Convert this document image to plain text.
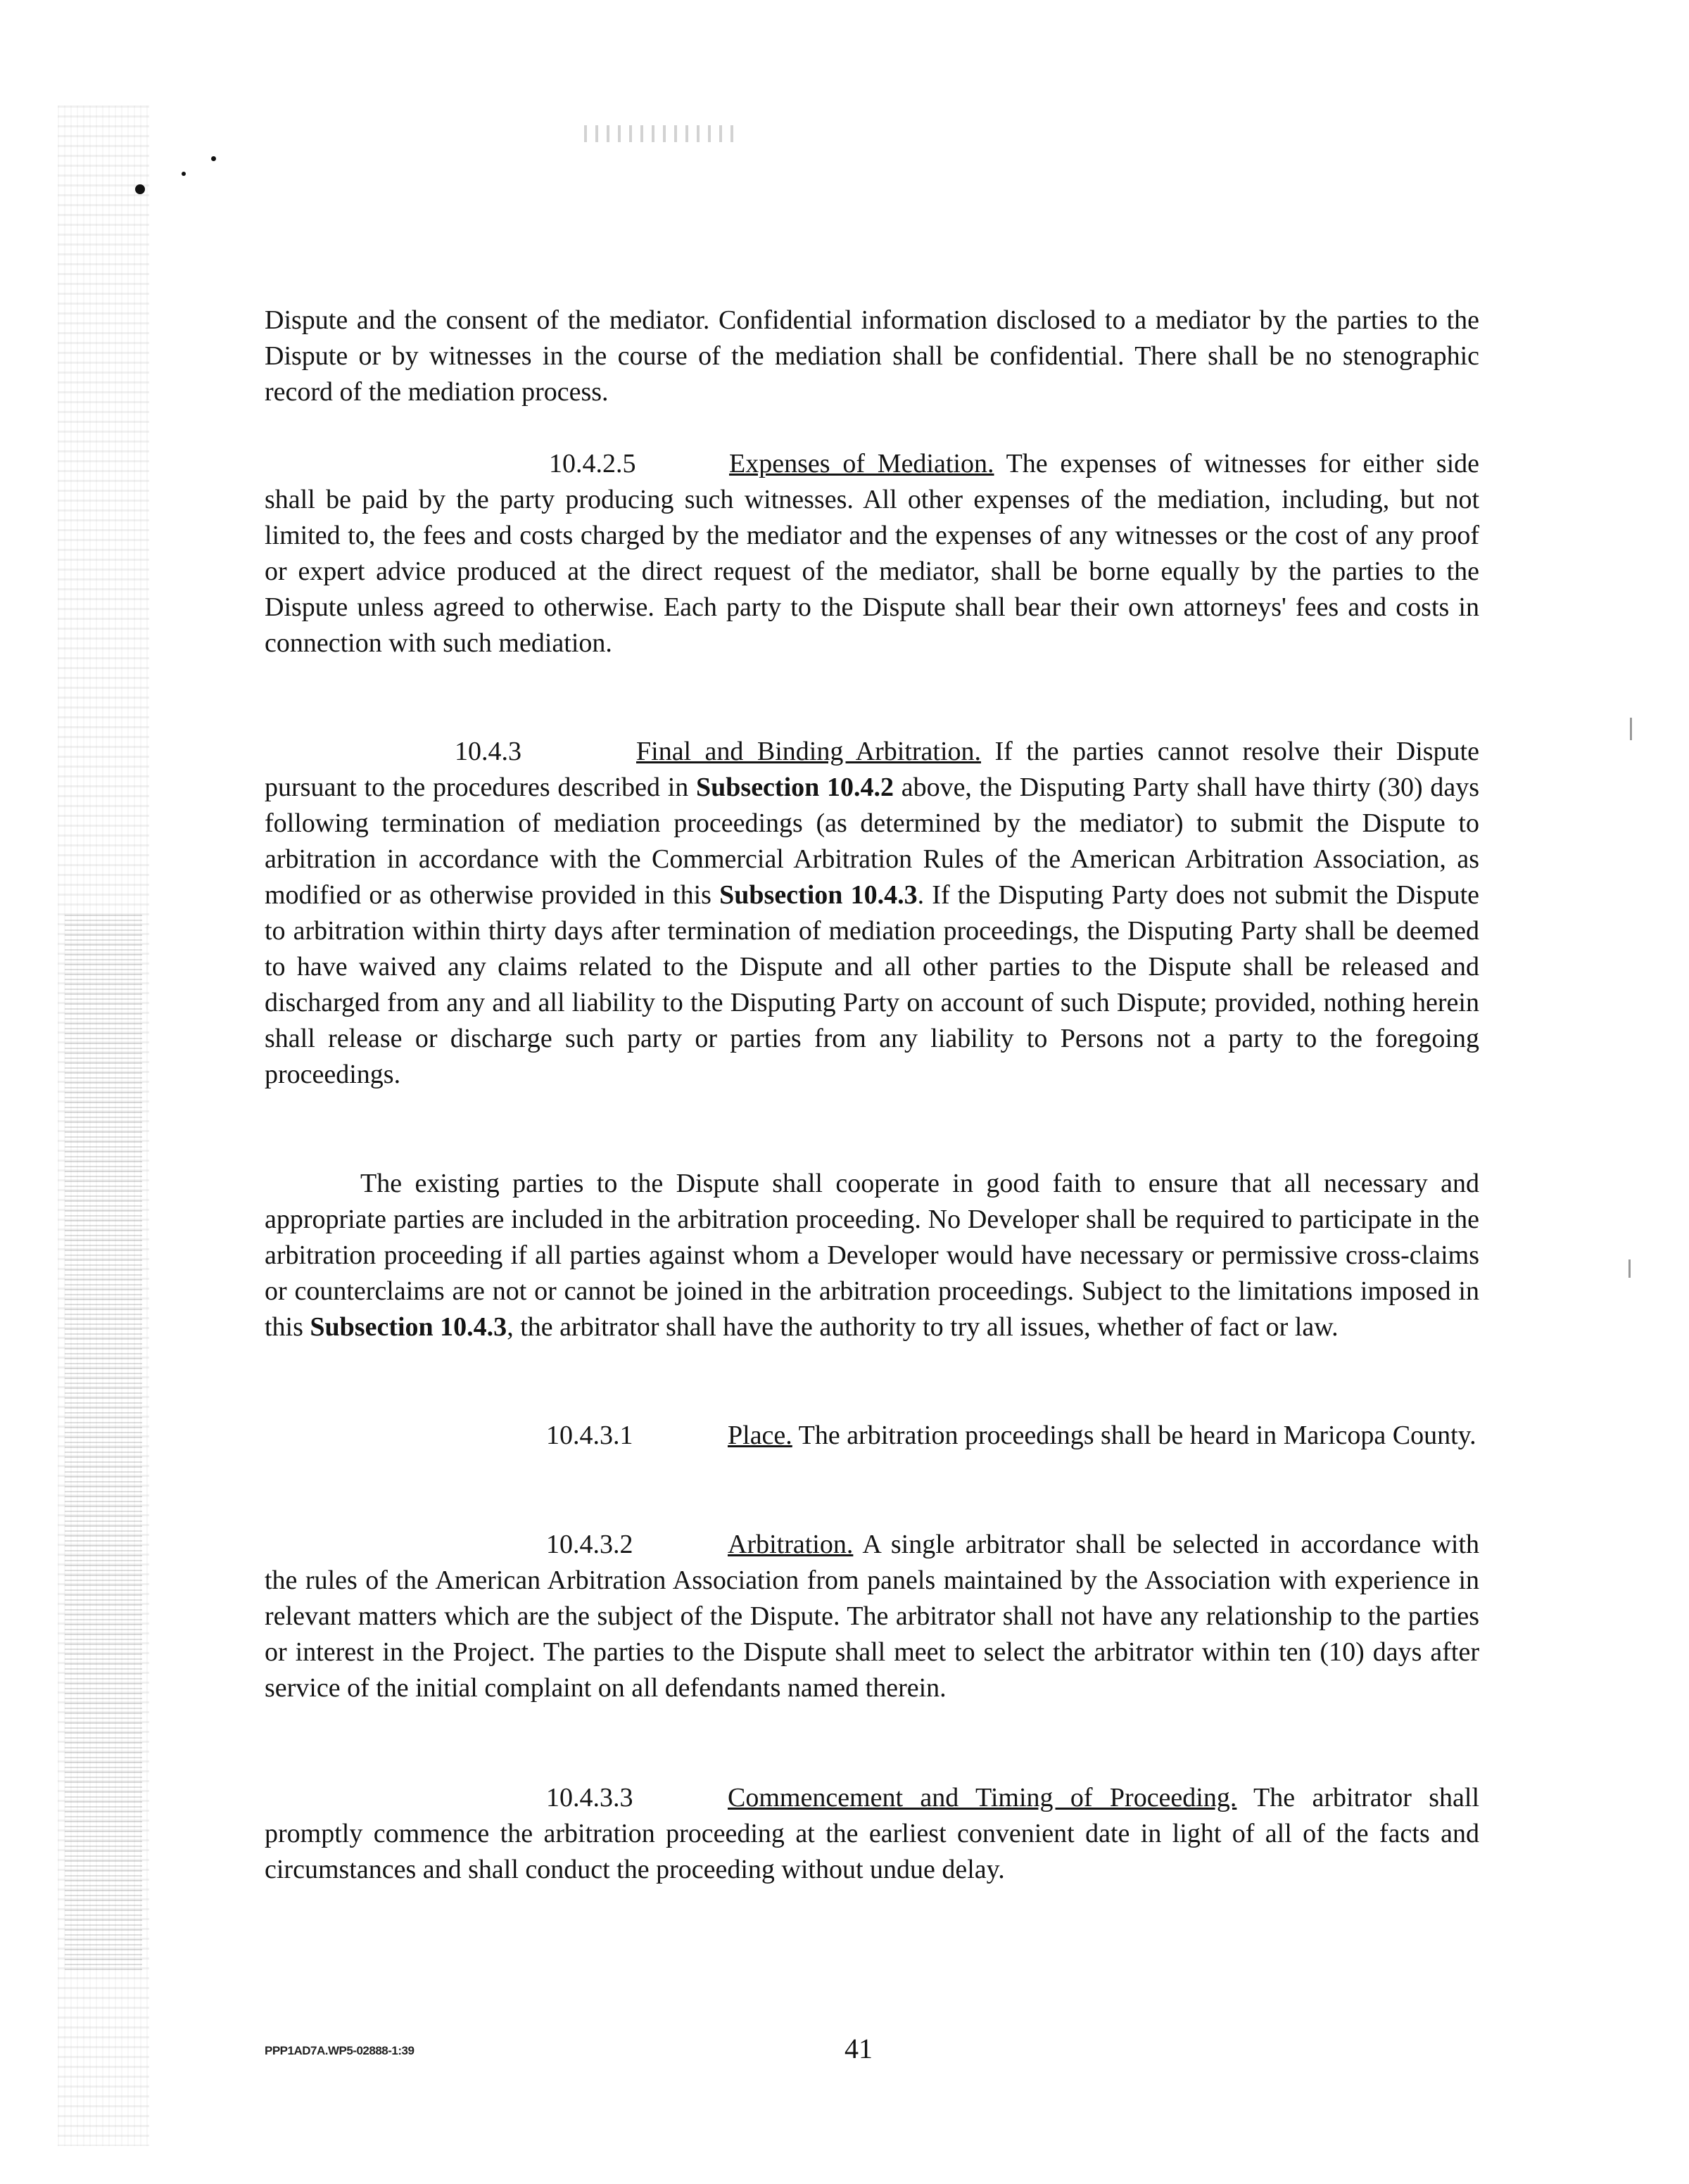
Dispute and the consent of the mediator. Confidential information disclosed to a mediator by the parties to the Dispute or by witnesses in the course of the mediation shall be confidential. There shall be no stenographic record of the mediation process.

10.4.2.5	Expenses of Mediation. The expenses of witnesses for either side shall be paid by the party producing such witnesses. All other expenses of the mediation, including, but not limited to, the fees and costs charged by the mediator and the expenses of any witnesses or the cost of any proof or expert advice produced at the direct request of the mediator, shall be borne equally by the parties to the Dispute unless agreed to otherwise. Each party to the Dispute shall bear their own attorneys' fees and costs in connection with such mediation.

10.4.3	Final and Binding Arbitration. If the parties cannot resolve their Dispute pursuant to the procedures described in Subsection 10.4.2 above, the Disputing Party shall have thirty (30) days following termination of mediation proceedings (as determined by the mediator) to submit the Dispute to arbitration in accordance with the Commercial Arbitration Rules of the American Arbitration Association, as modified or as otherwise provided in this Subsection 10.4.3. If the Disputing Party does not submit the Dispute to arbitration within thirty days after termination of mediation proceedings, the Disputing Party shall be deemed to have waived any claims related to the Dispute and all other parties to the Dispute shall be released and discharged from any and all liability to the Disputing Party on account of such Dispute; provided, nothing herein shall release or discharge such party or parties from any liability to Persons not a party to the foregoing proceedings.

The existing parties to the Dispute shall cooperate in good faith to ensure that all necessary and appropriate parties are included in the arbitration proceeding. No Developer shall be required to participate in the arbitration proceeding if all parties against whom a Developer would have necessary or permissive cross-claims or counterclaims are not or cannot be joined in the arbitration proceedings. Subject to the limitations imposed in this Subsection 10.4.3, the arbitrator shall have the authority to try all issues, whether of fact or law.

10.4.3.1	Place. The arbitration proceedings shall be heard in Maricopa County.

10.4.3.2	Arbitration. A single arbitrator shall be selected in accordance with the rules of the American Arbitration Association from panels maintained by the Association with experience in relevant matters which are the subject of the Dispute. The arbitrator shall not have any relationship to the parties or interest in the Project. The parties to the Dispute shall meet to select the arbitrator within ten (10) days after service of the initial complaint on all defendants named therein.

10.4.3.3	Commencement and Timing of Proceeding. The arbitrator shall promptly commence the arbitration proceeding at the earliest convenient date in light of all of the facts and circumstances and shall conduct the proceeding without undue delay.

PPP1AD7A.WP5-02888-1:39	41
